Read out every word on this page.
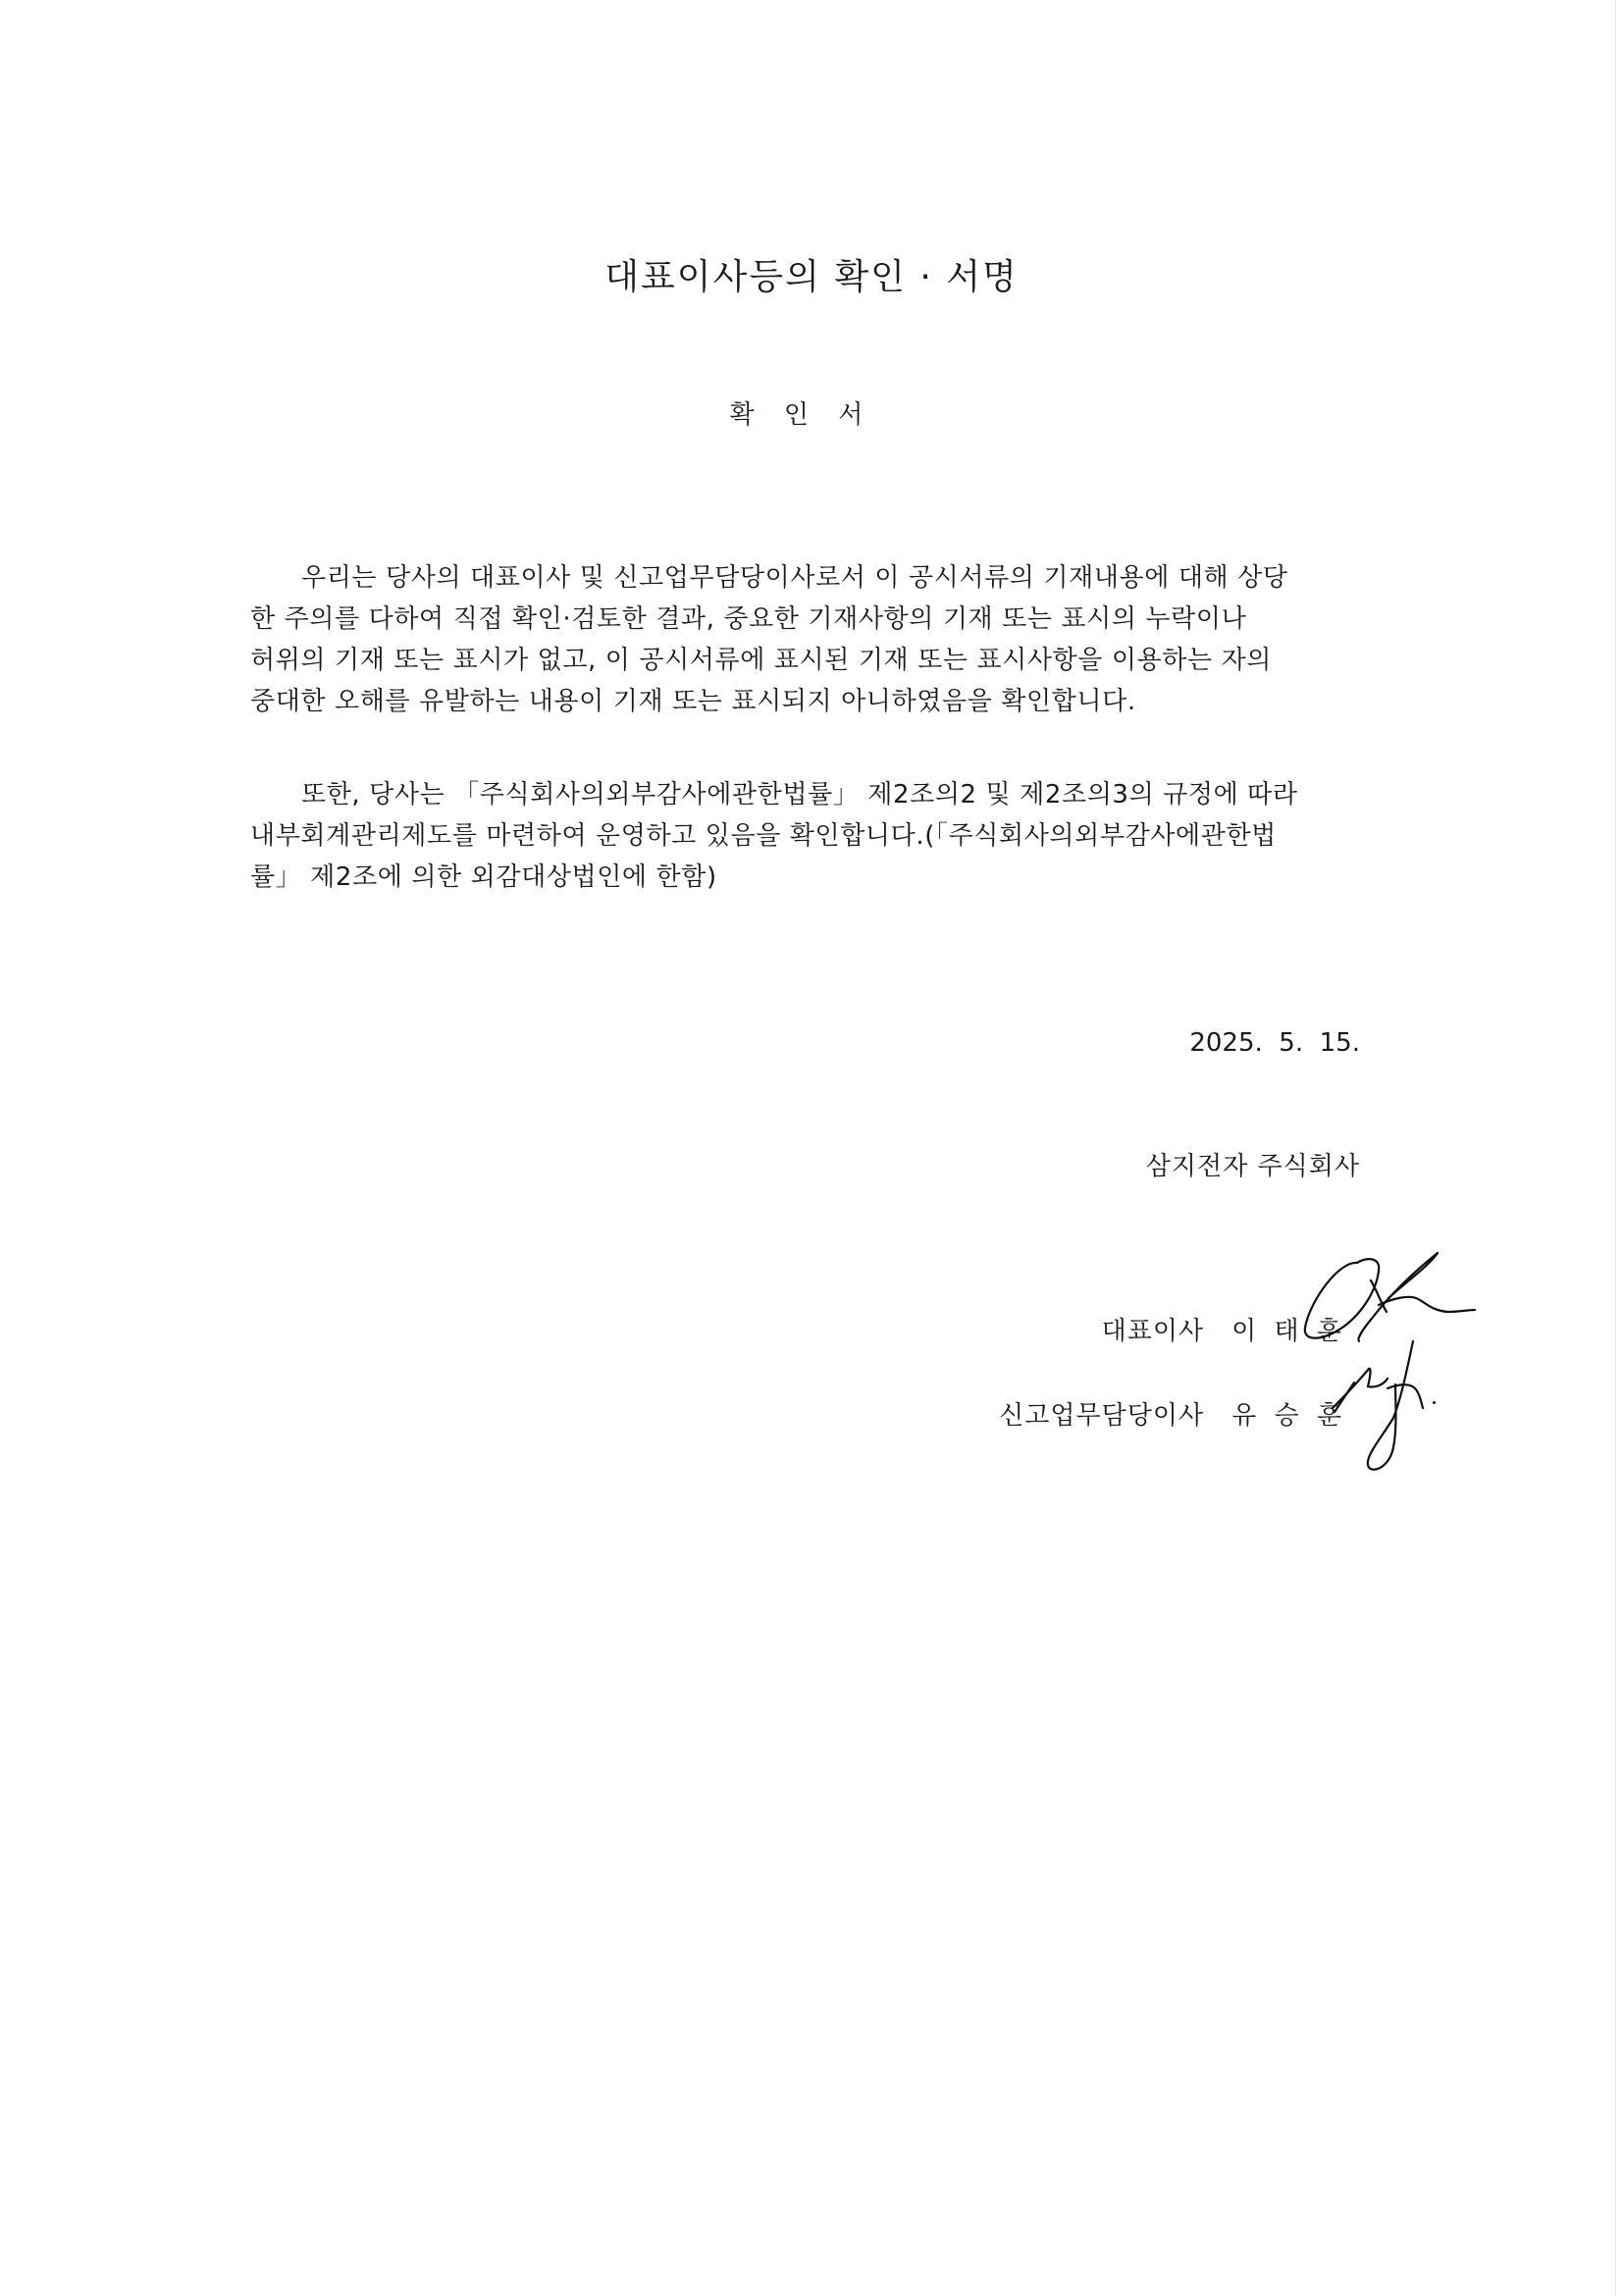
대표이사등의 확인 · 서명
확 인 서
우리는 당사의 대표이사 및 신고업무담당이사로서 이 공시서류의 기재내용에 대해 상당
한 주의를 다하여 직접 확인·검토한 결과, 중요한 기재사항의 기재 또는 표시의 누락이나
허위의 기재 또는 표시가 없고, 이 공시서류에 표시된 기재 또는 표시사항을 이용하는 자의
중대한 오해를 유발하는 내용이 기재 또는 표시되지 아니하였음을 확인합니다.
또한, 당사는 「주식회사의외부감사에관한법률」 제2조의2 및 제2조의3의 규정에 따라
내부회계관리제도를 마련하여 운영하고 있음을 확인합니다.(「주식회사의외부감사에관한법
률」 제2조에 의한 외감대상법인에 한함)
2025.  5.  15.
삼지전자 주식회사

대표이사 이 태 훈

신고업무담당이사 유 승 훈
